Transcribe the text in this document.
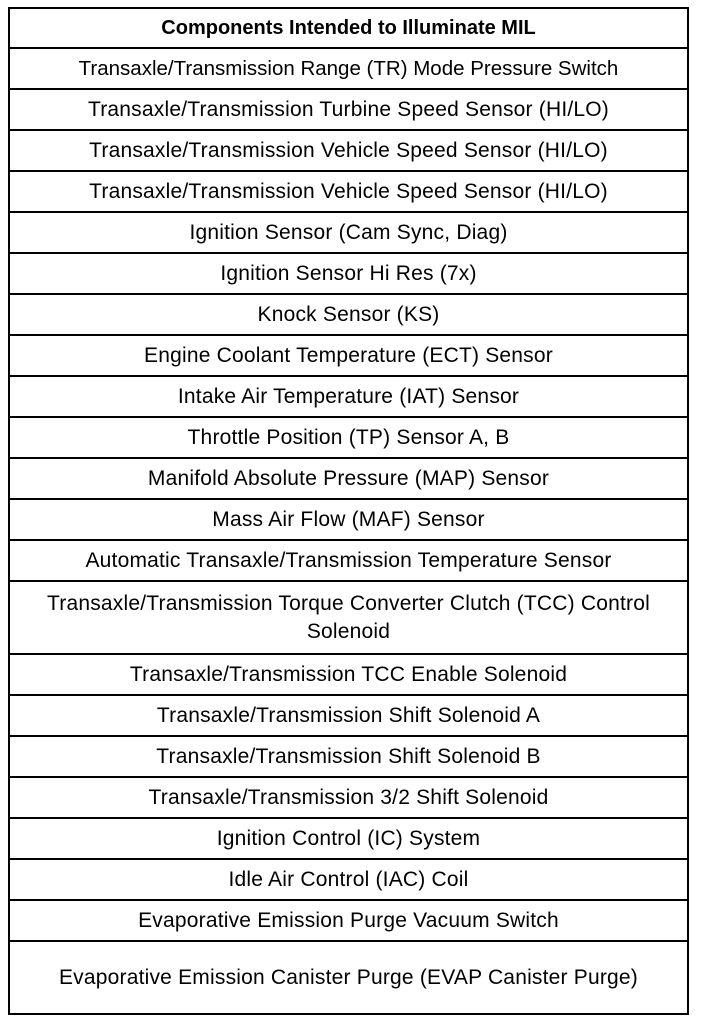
Components Intended to Illuminate MIL
Transaxle/Transmission Range (TR) Mode Pressure Switch
Transaxle/Transmission Turbine Speed Sensor (HI/LO)
Transaxle/Transmission Vehicle Speed Sensor (HI/LO)
Transaxle/Transmission Vehicle Speed Sensor (HI/LO)
Ignition Sensor (Cam Sync, Diag)
Ignition Sensor Hi Res (7x)
Knock Sensor (KS)
Engine Coolant Temperature (ECT) Sensor
Intake Air Temperature (IAT) Sensor
Throttle Position (TP) Sensor A, B
Manifold Absolute Pressure (MAP) Sensor
Mass Air Flow (MAF) Sensor
Automatic Transaxle/Transmission Temperature Sensor
Transaxle/Transmission Torque Converter Clutch (TCC) Control Solenoid
Transaxle/Transmission TCC Enable Solenoid
Transaxle/Transmission Shift Solenoid A
Transaxle/Transmission Shift Solenoid B
Transaxle/Transmission 3/2 Shift Solenoid
Ignition Control (IC) System
Idle Air Control (IAC) Coil
Evaporative Emission Purge Vacuum Switch
Evaporative Emission Canister Purge (EVAP Canister Purge)
